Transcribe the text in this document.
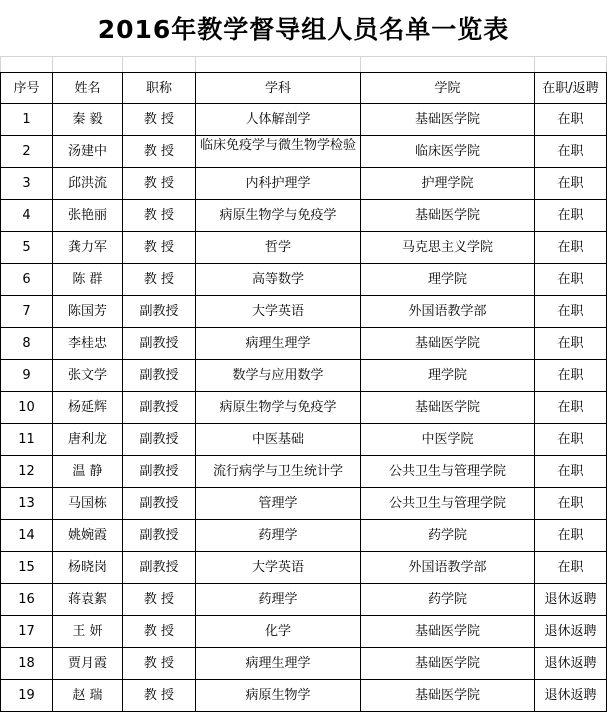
2016年教学督导组人员名单一览表

序号	姓名	职称	学科	学院	在职/返聘
1	秦 毅	教 授	人体解剖学	基础医学院	在职
2	汤建中	教 授	临床免疫学与微生物学检验	临床医学院	在职
3	邱洪流	教 授	内科护理学	护理学院	在职
4	张艳丽	教 授	病原生物学与免疫学	基础医学院	在职
5	龚力军	教 授	哲学	马克思主义学院	在职
6	陈 群	教 授	高等数学	理学院	在职
7	陈国芳	副教授	大学英语	外国语教学部	在职
8	李桂忠	副教授	病理生理学	基础医学院	在职
9	张文学	副教授	数学与应用数学	理学院	在职
10	杨延辉	副教授	病原生物学与免疫学	基础医学院	在职
11	唐利龙	副教授	中医基础	中医学院	在职
12	温 静	副教授	流行病学与卫生统计学	公共卫生与管理学院	在职
13	马国栋	副教授	管理学	公共卫生与管理学院	在职
14	姚婉霞	副教授	药理学	药学院	在职
15	杨晓岗	副教授	大学英语	外国语教学部	在职
16	蒋袁絮	教 授	药理学	药学院	退休返聘
17	王 妍	教 授	化学	基础医学院	退休返聘
18	贾月霞	教 授	病理生理学	基础医学院	退休返聘
19	赵 瑞	教 授	病原生物学	基础医学院	退休返聘
